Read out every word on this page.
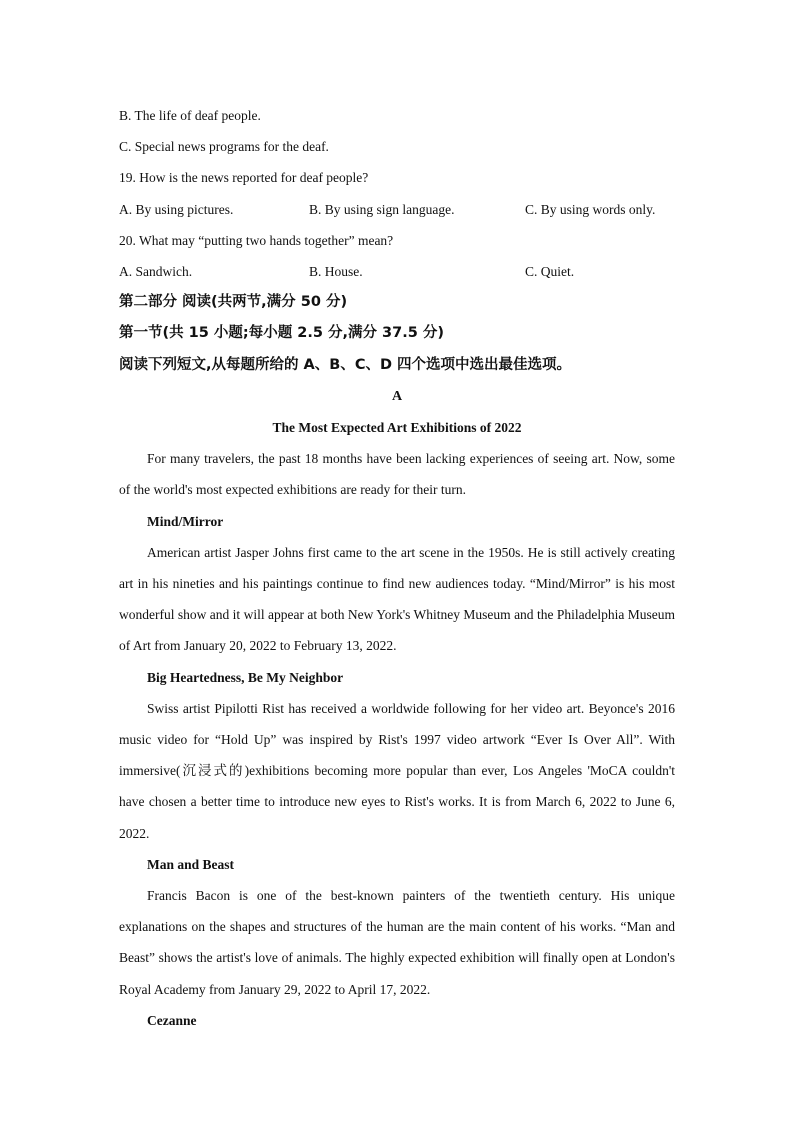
B. The life of deaf people.
C. Special news programs for the deaf.
19. How is the news reported for deaf people?
A. By using pictures.	B. By using sign language.	C. By using words only.
20. What may “putting two hands together” mean?
A. Sandwich.	B. House.	C. Quiet.
第二部分 阅读(共两节,满分 50 分)
第一节(共 15 小题;每小题 2.5 分,满分 37.5 分)
阅读下列短文,从每题所给的 A、B、C、D 四个选项中选出最佳选项。
A
The Most Expected Art Exhibitions of 2022

For many travelers, the past 18 months have been lacking experiences of seeing art. Now, some of the world's most expected exhibitions are ready for their turn.

Mind/Mirror

American artist Jasper Johns first came to the art scene in the 1950s. He is still actively creating art in his nineties and his paintings continue to find new audiences today. “Mind/Mirror” is his most wonderful show and it will appear at both New York's Whitney Museum and the Philadelphia Museum of Art from January 20, 2022 to February 13, 2022.

Big Heartedness, Be My Neighbor

Swiss artist Pipilotti Rist has received a worldwide following for her video art. Beyonce's 2016 music video for “Hold Up” was inspired by Rist's 1997 video artwork “Ever Is Over All”. With immersive(沉浸式的)exhibitions becoming more popular than ever, Los Angeles 'MoCA couldn't have chosen a better time to introduce new eyes to Rist's works. It is from March 6, 2022 to June 6, 2022.

Man and Beast

Francis Bacon is one of the best-known painters of the twentieth century. His unique explanations on the shapes and structures of the human are the main content of his works. “Man and Beast” shows the artist's love of animals. The highly expected exhibition will finally open at London's Royal Academy from January 29, 2022 to April 17, 2022.

Cezanne
